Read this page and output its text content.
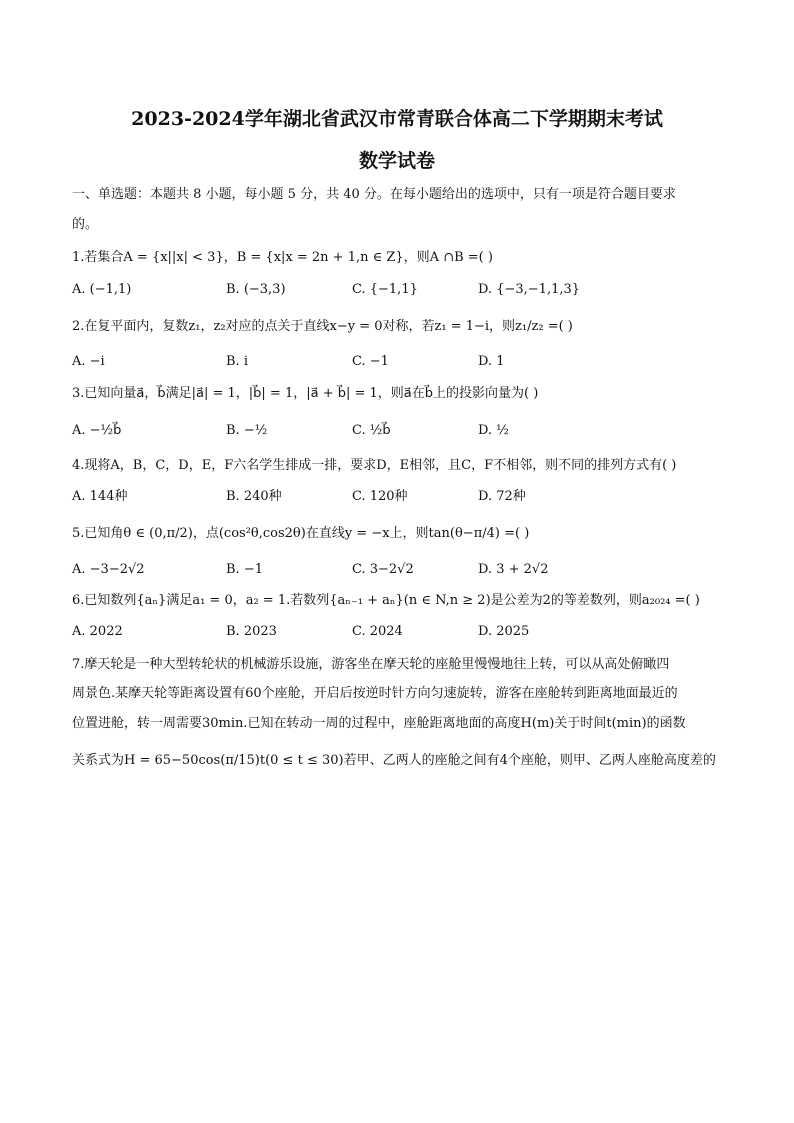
2023-2024学年湖北省武汉市常青联合体高二下学期期末考试
数学试卷
一、单选题：本题共 8 小题，每小题 5 分，共 40 分。在每小题给出的选项中，只有一项是符合题目要求
的。
1.若集合A = {x||x| < 3}，B = {x|x = 2n + 1,n ∈ Z}，则A ∩B =( )
A. (−1,1)	B. (−3,3)	C. {−1,1}	D. {−3,−1,1,3}
2.在复平面内，复数z₁，z₂对应的点关于直线x−y = 0对称，若z₁ = 1−i，则z₁/z₂ =( )
A. −i	B. i	C. −1	D. 1
3.已知向量a⃗，b⃗满足|a⃗| = 1，|b⃗| = 1，|a⃗ + b⃗| = 1，则a⃗在b⃗上的投影向量为( )
A. −½b⃗	B. −½	C. ½b⃗	D. ½
4.现将A，B，C，D，E，F六名学生排成一排，要求D，E相邻，且C，F不相邻，则不同的排列方式有( )
A. 144种	B. 240种	C. 120种	D. 72种
5.已知角θ ∈ (0,π/2)，点(cos²θ,cos2θ)在直线y = −x上，则tan(θ−π/4) =( )
A. −3−2√2	B. −1	C. 3−2√2	D. 3 + 2√2
6.已知数列{aₙ}满足a₁ = 0，a₂ = 1.若数列{aₙ₋₁ + aₙ}(n ∈ N,n ≥ 2)是公差为2的等差数列，则a₂₀₂₄ =( )
A. 2022	B. 2023	C. 2024	D. 2025
7.摩天轮是一种大型转轮状的机械游乐设施，游客坐在摩天轮的座舱里慢慢地往上转，可以从高处俯瞰四
周景色.某摩天轮等距离设置有60个座舱，开启后按逆时针方向匀速旋转，游客在座舱转到距离地面最近的
位置进舱，转一周需要30min.已知在转动一周的过程中，座舱距离地面的高度H(m)关于时间t(min)的函数
关系式为H = 65−50cos(π/15)t(0 ≤ t ≤ 30)若甲、乙两人的座舱之间有4个座舱，则甲、乙两人座舱高度差的
